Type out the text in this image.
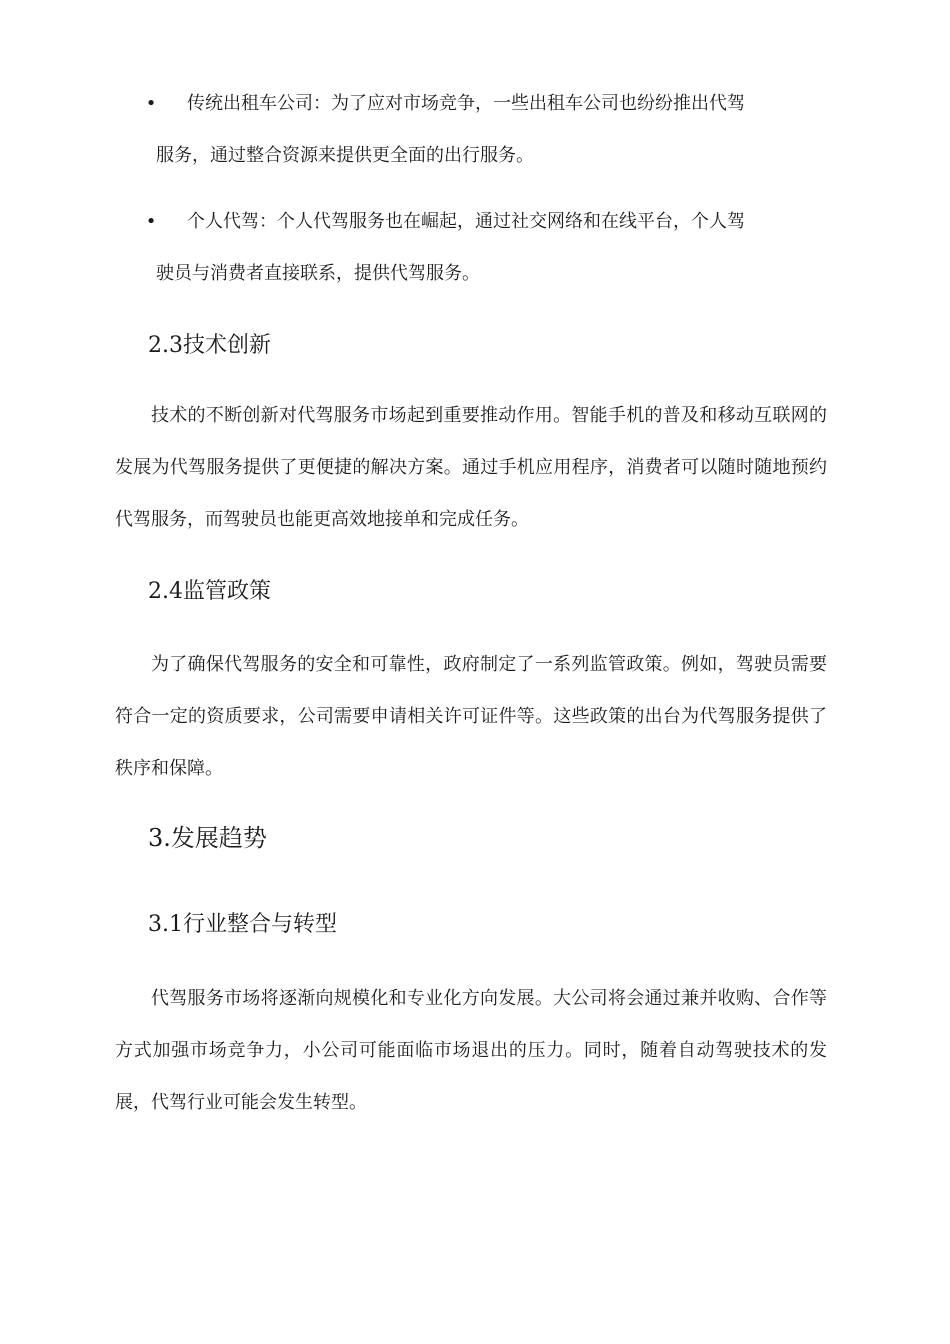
• 传统出租车公司：为了应对市场竞争，一些出租车公司也纷纷推出代驾
服务，通过整合资源来提供更全面的出行服务。
• 个人代驾：个人代驾服务也在崛起，通过社交网络和在线平台，个人驾
驶员与消费者直接联系，提供代驾服务。
2.3技术创新

技术的不断创新对代驾服务市场起到重要推动作用。智能手机的普及和移动互联网的发展为代驾服务提供了更便捷的解决方案。通过手机应用程序，消费者可以随时随地预约代驾服务，而驾驶员也能更高效地接单和完成任务。

2.4监管政策

为了确保代驾服务的安全和可靠性，政府制定了一系列监管政策。例如，驾驶员需要符合一定的资质要求，公司需要申请相关许可证件等。这些政策的出台为代驾服务提供了秩序和保障。

3.发展趋势
3.1行业整合与转型

代驾服务市场将逐渐向规模化和专业化方向发展。大公司将会通过兼并收购、合作等方式加强市场竞争力，小公司可能面临市场退出的压力。同时，随着自动驾驶技术的发展，代驾行业可能会发生转型。
